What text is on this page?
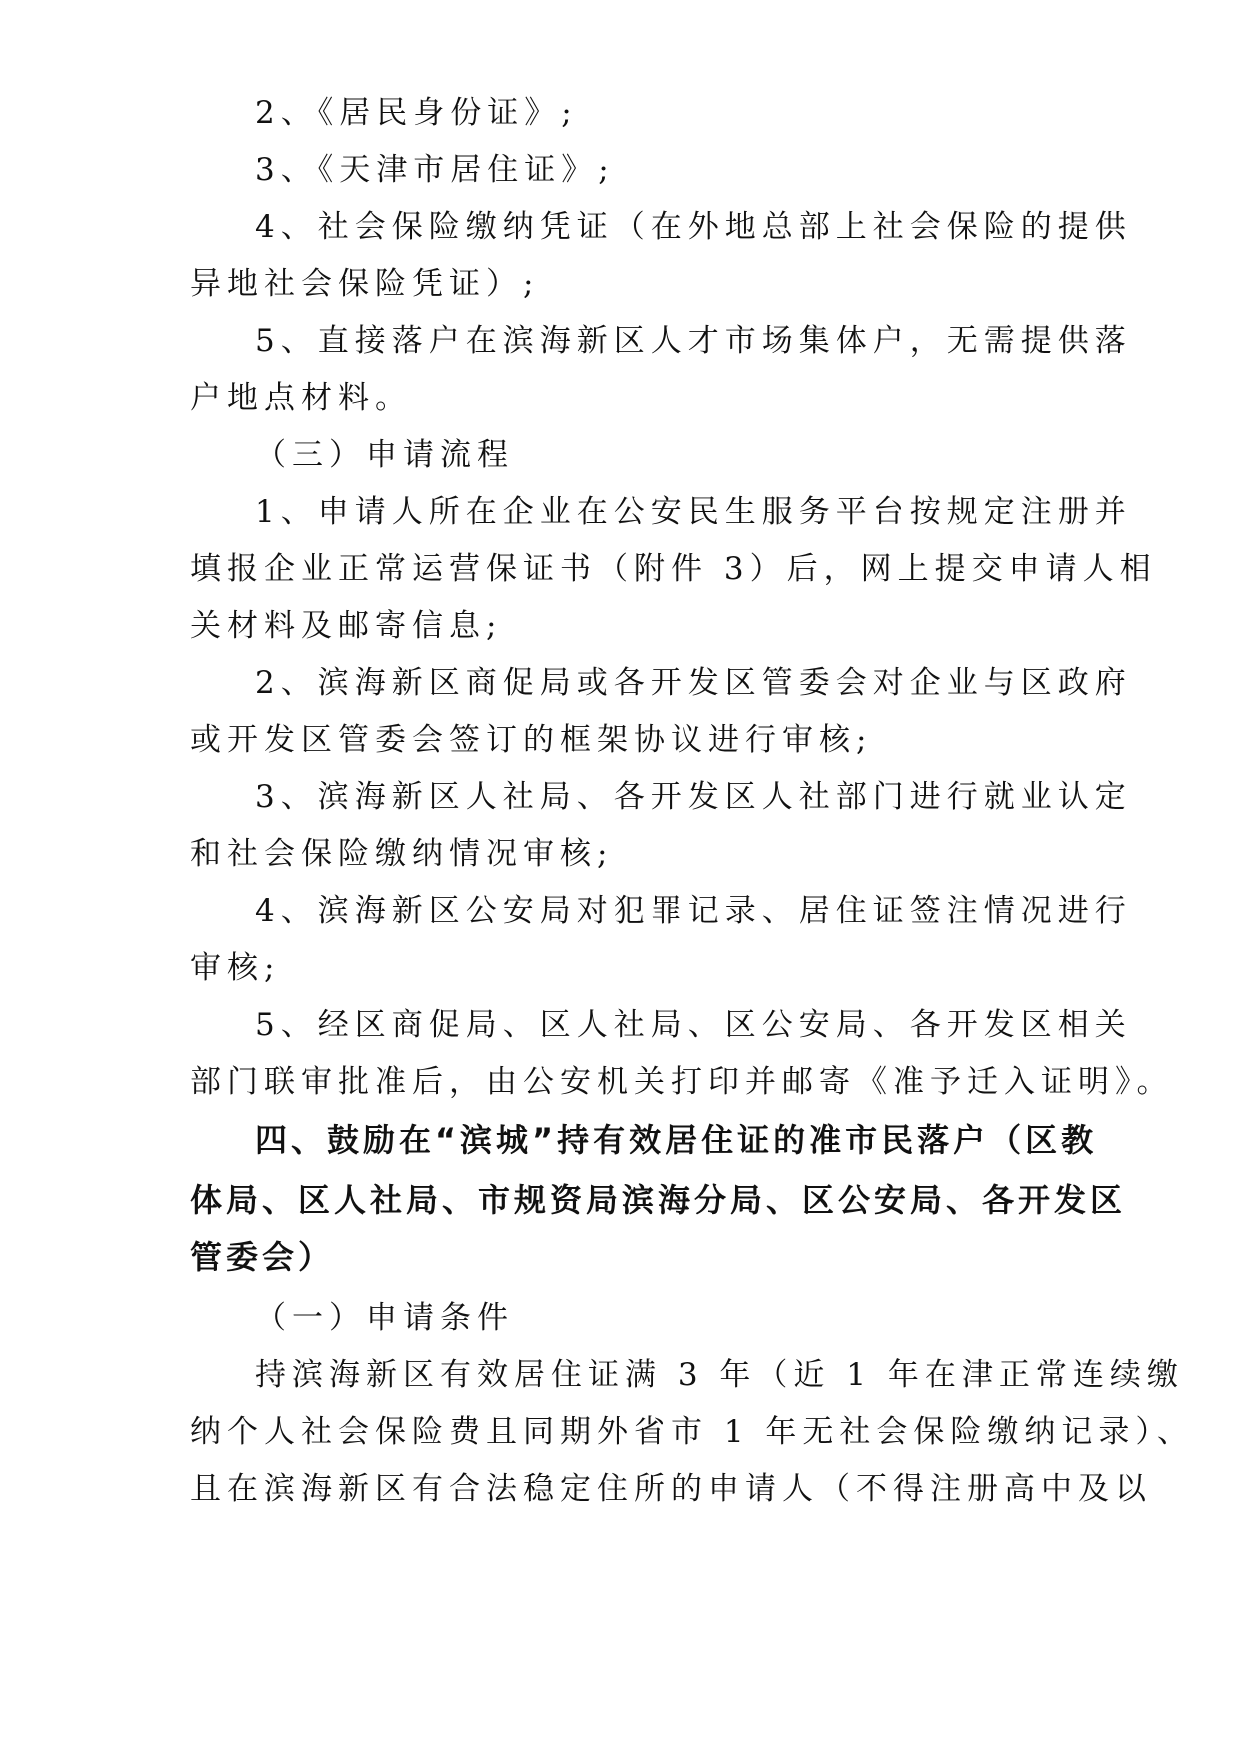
2、《居民身份证》;
3、《天津市居住证》;
4、社会保险缴纳凭证（在外地总部上社会保险的提供
异地社会保险凭证）;
5、直接落户在滨海新区人才市场集体户，无需提供落
户地点材料。
（三）申请流程
1、申请人所在企业在公安民生服务平台按规定注册并
填报企业正常运营保证书（附件 3）后，网上提交申请人相
关材料及邮寄信息;
2、滨海新区商促局或各开发区管委会对企业与区政府
或开发区管委会签订的框架协议进行审核;
3、滨海新区人社局、各开发区人社部门进行就业认定
和社会保险缴纳情况审核;
4、滨海新区公安局对犯罪记录、居住证签注情况进行
审核;
5、经区商促局、区人社局、区公安局、各开发区相关
部门联审批准后，由公安机关打印并邮寄《准予迁入证明》。
四、鼓励在“滨城”持有效居住证的准市民落户（区教
体局、区人社局、市规资局滨海分局、区公安局、各开发区
管委会）
（一）申请条件
持滨海新区有效居住证满 3 年（近 1 年在津正常连续缴
纳个人社会保险费且同期外省市 1 年无社会保险缴纳记录）、
且在滨海新区有合法稳定住所的申请人（不得注册高中及以
